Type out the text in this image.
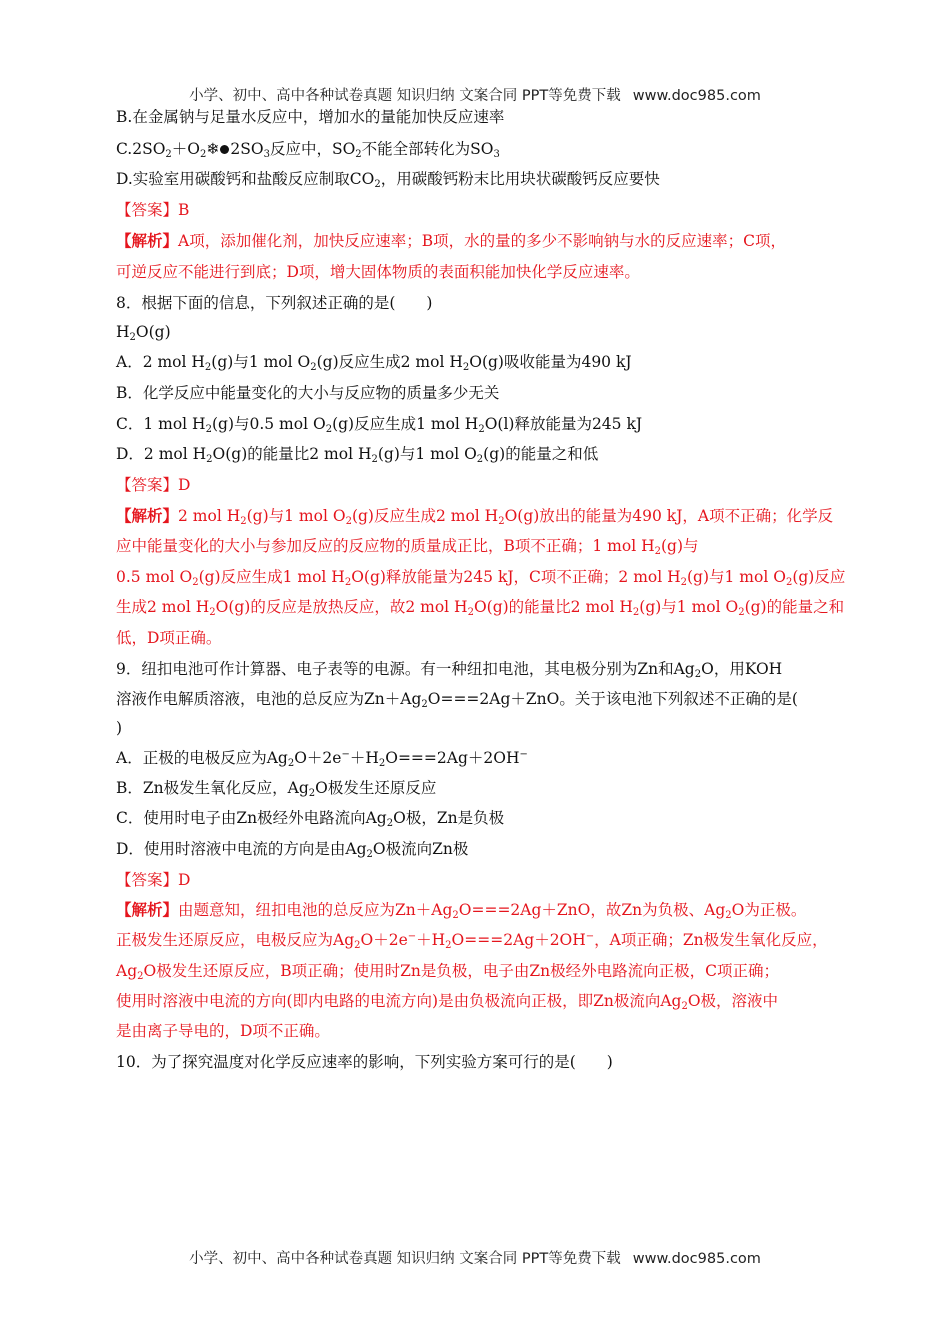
小学、初中、高中各种试卷真题 知识归纳 文案合同 PPT等免费下载 www.doc985.com
B.在金属钠与足量水反应中，增加水的量能加快反应速率
$C.2SO_2+O_2❄$ $2SO_3$反应中，$SO_2$不能全部转化为$SO_3$
D.实验室用碳酸钙和盐酸反应制取$CO_2$，用碳酸钙粉末比用块状碳酸钙反应要快
【答案】B
【解析】A项，添加催化剂，加快反应速率；B项，水的量的多少不影响钠与水的反应速率；C项，
可逆反应不能进行到底；D项，增大固体物质的表面积能加快化学反应速率。
8．根据下面的信息，下列叙述正确的是(　　)
$H_2O(g)$
A．2 mol $H_2(g)$与1 mol $O_2(g)$反应生成2 mol $H_2O(g)$吸收能量为490 kJ
B．化学反应中能量变化的大小与反应物的质量多少无关
C．1 mol $H_2(g)$与0.5 mol $O_2(g)$反应生成1 mol $H_2O(l)$释放能量为245 kJ
D．2 mol $H_2O(g)$的能量比2 mol $H_2(g)$与1 mol $O_2(g)$的能量之和低
【答案】D
【解析】2 mol $H_2(g)$与1 mol $O_2(g)$反应生成2 mol $H_2O(g)$放出的能量为490 kJ，A项不正确；化学反
应中能量变化的大小与参加反应的反应物的质量成正比，B项不正确；1 mol $H_2(g)$与
0.5 mol $O_2(g)$反应生成1 mol $H_2O(g)$释放能量为245 kJ，C项不正确；2 mol $H_2(g)$与1 mol $O_2(g)$反应
生成2 mol $H_2O(g)$的反应是放热反应，故2 mol $H_2O(g)$的能量比2 mol $H_2(g)$与1 mol $O_2(g)$的能量之和
低，D项正确。
9．纽扣电池可作计算器、电子表等的电源。有一种纽扣电池，其电极分别为Zn和$Ag_2O$，用KOH
溶液作电解质溶液，电池的总反应为$Zn+Ag_2O===2Ag+ZnO$。关于该电池下列叙述不正确的是(
)
A．正极的电极反应为$Ag_2O+2e^-+H_2O===2Ag+2OH^-$
B．Zn极发生氧化反应，$Ag_2O$极发生还原反应
C．使用时电子由Zn极经外电路流向$Ag_2O$极，Zn是负极
D．使用时溶液中电流的方向是由$Ag_2O$极流向Zn极
【答案】D
【解析】由题意知，纽扣电池的总反应为$Zn+Ag_2O===2Ag+ZnO$，故Zn为负极、$Ag_2O$为正极。
正极发生还原反应，电极反应为$Ag_2O+2e^-+H_2O===2Ag+2OH^-$，A项正确；Zn极发生氧化反应，
$Ag_2O$极发生还原反应，B项正确；使用时Zn是负极，电子由Zn极经外电路流向正极，C项正确；
使用时溶液中电流的方向(即内电路的电流方向)是由负极流向正极，即Zn极流向$Ag_2O$极，溶液中
是由离子导电的，D项不正确。
10．为了探究温度对化学反应速率的影响，下列实验方案可行的是(　　)
小学、初中、高中各种试卷真题 知识归纳 文案合同 PPT等免费下载 www.doc985.com
